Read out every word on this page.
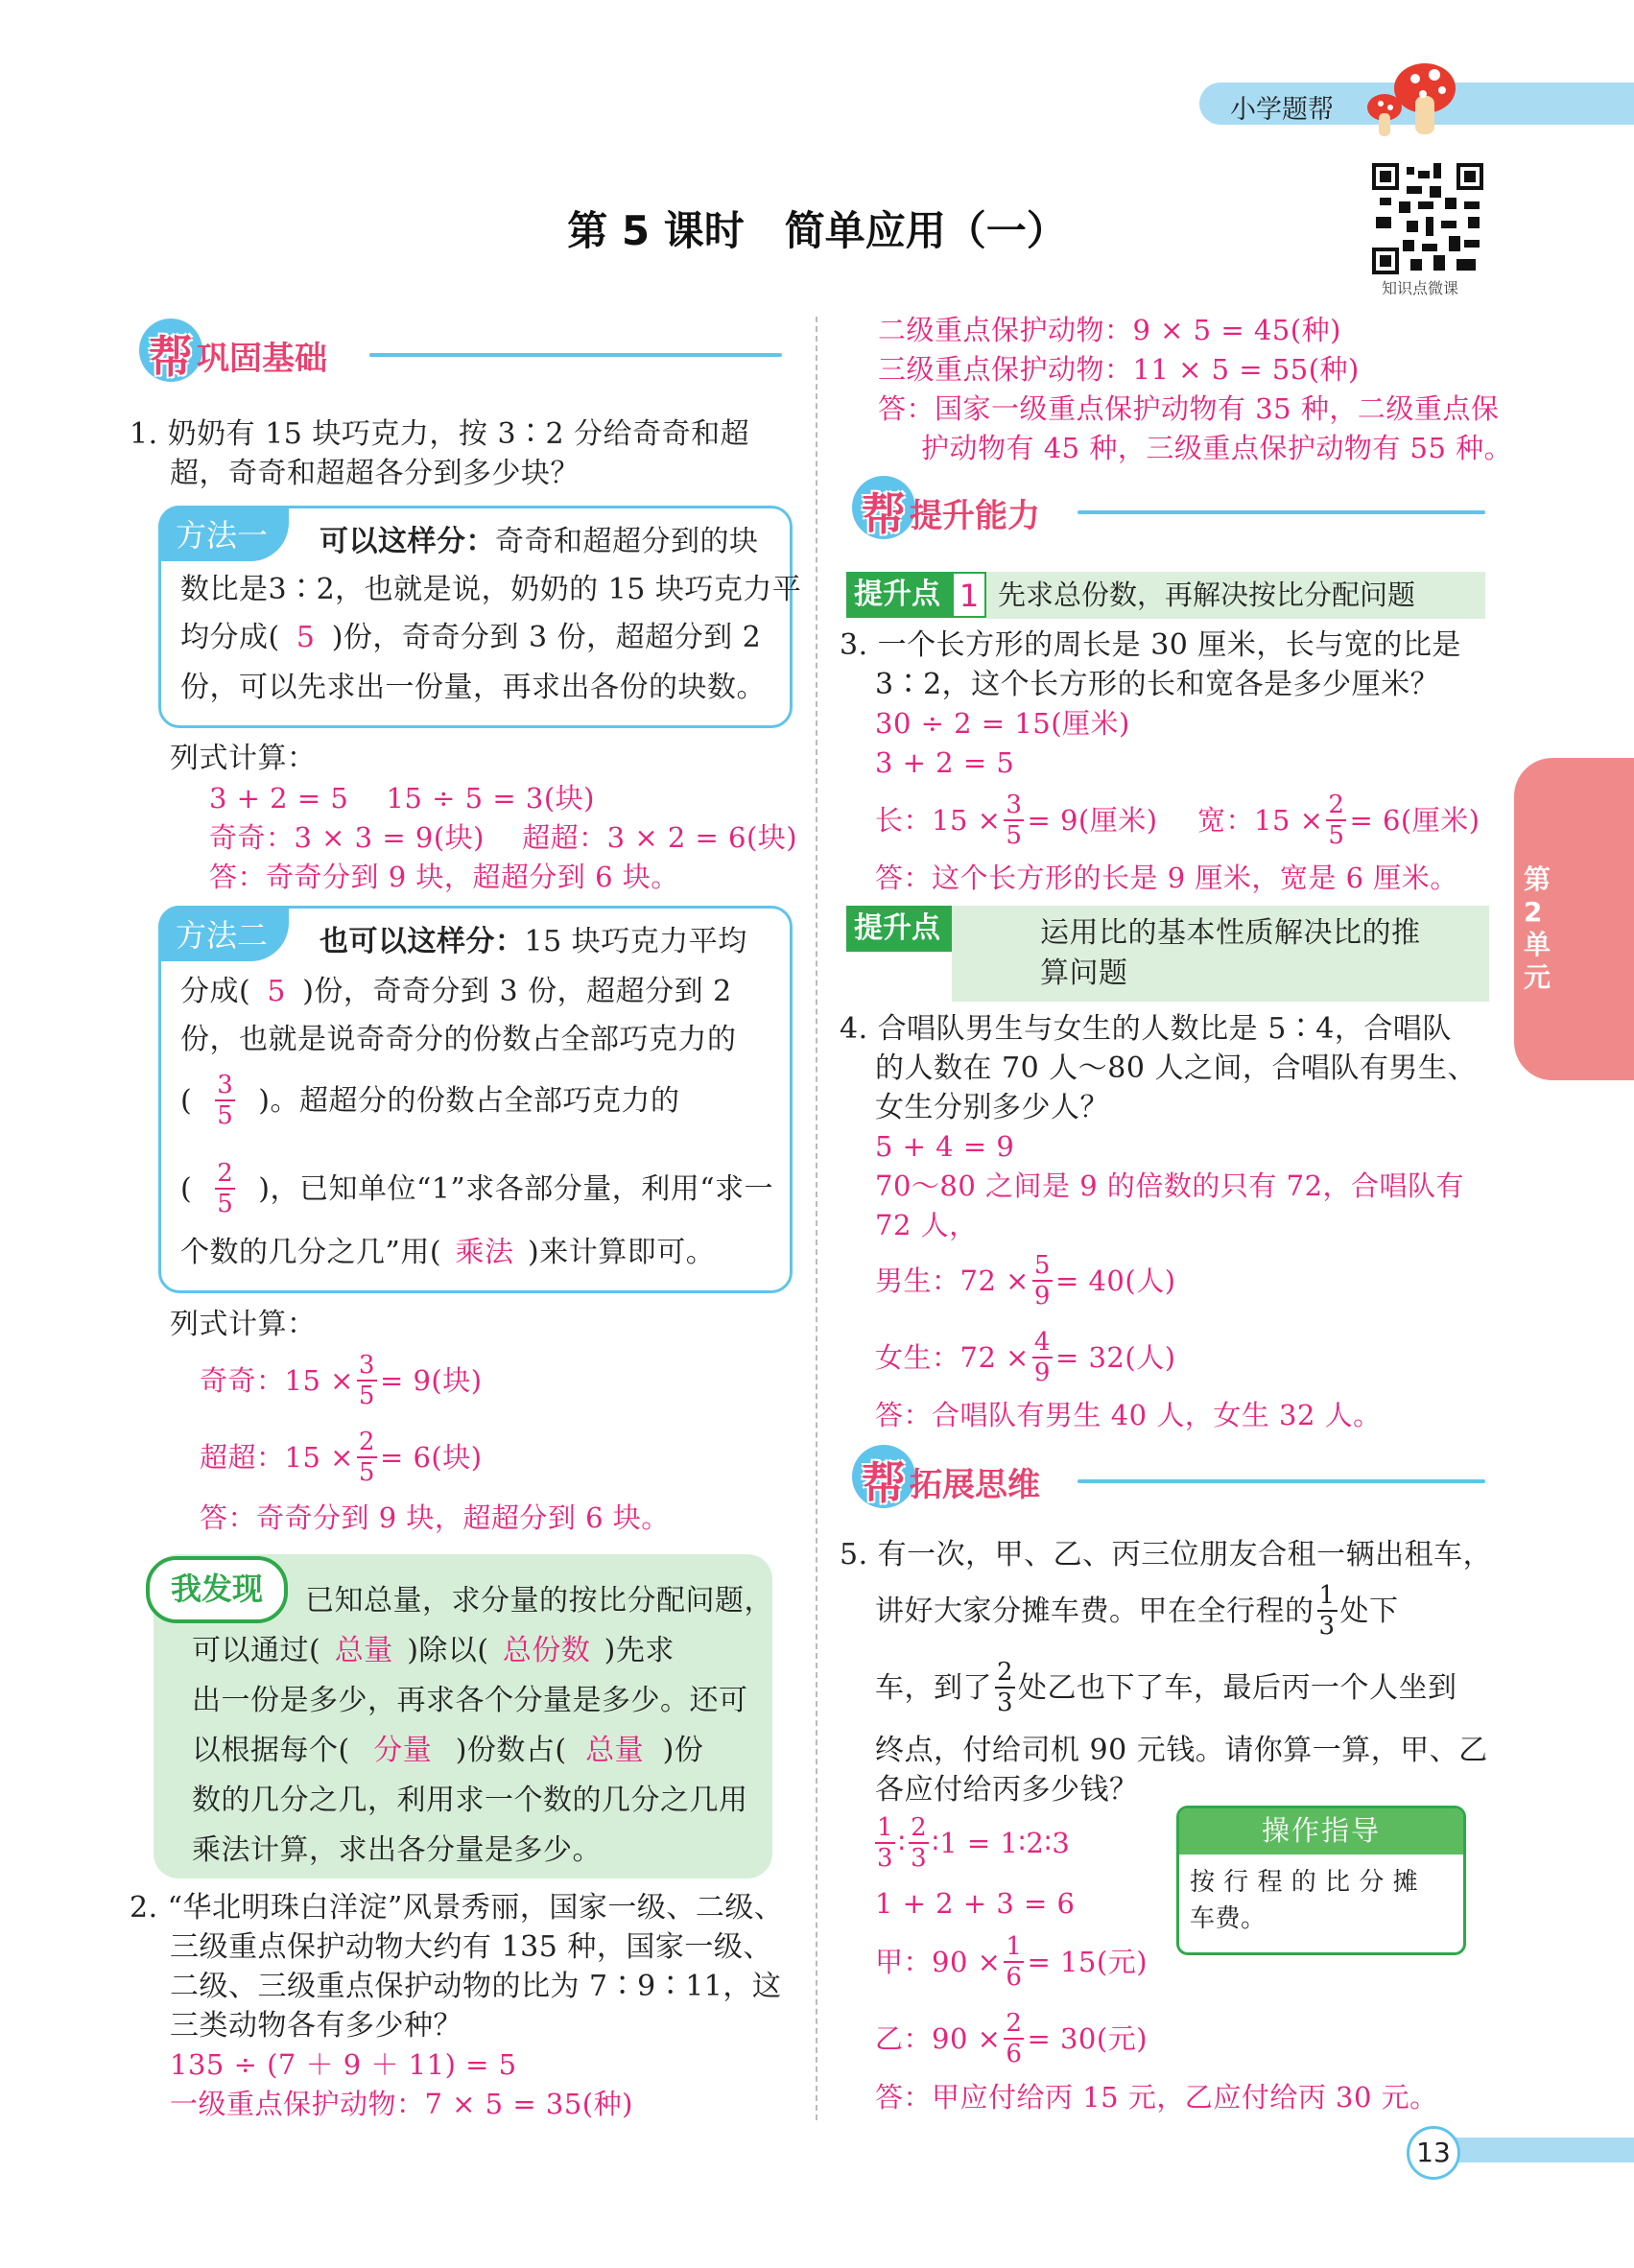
小学题帮
第 5 课时　简单应用（一）
知识点微课
第2单元
帮 巩固基础
1. 奶奶有 15 块巧克力，按 3∶2 分给奇奇和超
超，奇奇和超超各分到多少块？
方法一	可以这样分：奇奇和超超分到的块
数比是3∶2，也就是说，奶奶的 15 块巧克力平
均分成( 5 )份，奇奇分到 3 份，超超分到 2
份，可以先求出一份量，再求出各份的块数。
列式计算：
3 + 2 = 5　 15 ÷ 5 = 3(块)
奇奇：3 × 3 = 9(块)　 超超：3 × 2 = 6(块)
答：奇奇分到 9 块，超超分到 6 块。
方法二	也可以这样分：15 块巧克力平均
分成( 5 )份，奇奇分到 3 份，超超分到 2
份，也就是说奇奇分的份数占全部巧克力的
( $\frac{3}{5}$ )。超超分的份数占全部巧克力的
( $\frac{2}{5}$ )，已知单位“1”求各部分量，利用“求一
个数的几分之几”用( 乘法 )来计算即可。
列式计算：
奇奇：$15 \times \frac{3}{5} = 9$(块)
超超：$15 \times \frac{2}{5} = 6$(块)
答：奇奇分到 9 块，超超分到 6 块。
我发现	已知总量，求分量的按比分配问题，
可以通过( 总量 )除以( 总份数 )先求
出一份是多少，再求各个分量是多少。还可
以根据每个( 分量 )份数占( 总量 )份
数的几分之几，利用求一个数的几分之几用
乘法计算，求出各分量是多少。
2. “华北明珠白洋淀”风景秀丽，国家一级、二级、
三级重点保护动物大约有 135 种，国家一级、
二级、三级重点保护动物的比为 7∶9∶11，这
三类动物各有多少种？
135 ÷ (7 ＋ 9 ＋ 11) = 5
一级重点保护动物：7 × 5 = 35(种)
二级重点保护动物：9 × 5 = 45(种)
三级重点保护动物：11 × 5 = 55(种)
答：国家一级重点保护动物有 35 种，二级重点保
护动物有 45 种，三级重点保护动物有 55 种。
帮 提升能力
提升点 1 先求总份数，再解决按比分配问题
3. 一个长方形的周长是 30 厘米，长与宽的比是
3∶2，这个长方形的长和宽各是多少厘米？
30 ÷ 2 = 15(厘米)
3 + 2 = 5
长：$15 \times \frac{3}{5} = 9$(厘米) 宽：$15 \times \frac{2}{5} = 6$(厘米)
答：这个长方形的长是 9 厘米，宽是 6 厘米。
提升点	运用比的基本性质解决比的推
算问题
4. 合唱队男生与女生的人数比是 5∶4，合唱队
的人数在 70 人～80 人之间，合唱队有男生、
女生分别多少人？
5 + 4 = 9
70～80 之间是 9 的倍数的只有 72，合唱队有
72 人，
男生：$72 \times \frac{5}{9} = 40$(人)
女生：$72 \times \frac{4}{9} = 32$(人)
答：合唱队有男生 40 人，女生 32 人。
帮 拓展思维
5. 有一次，甲、乙、丙三位朋友合租一辆出租车，
讲好大家分摊车费。甲在全行程的 $\frac{1}{3}$ 处下
车，到了 $\frac{2}{3}$ 处乙也下了车，最后丙一个人坐到
终点，付给司机 90 元钱。请你算一算，甲、乙
各应付给丙多少钱？
$\frac{1}{3}$ ∶ $\frac{2}{3}$ ∶1 = 1∶2∶3
1 + 2 + 3 = 6
甲：$90 \times \frac{1}{6} = 15$(元)
乙：$90 \times \frac{2}{6} = 30$(元)
答：甲应付给丙 15 元，乙应付给丙 30 元。
操作指导
按 行 程 的 比 分 摊
车费。
13
